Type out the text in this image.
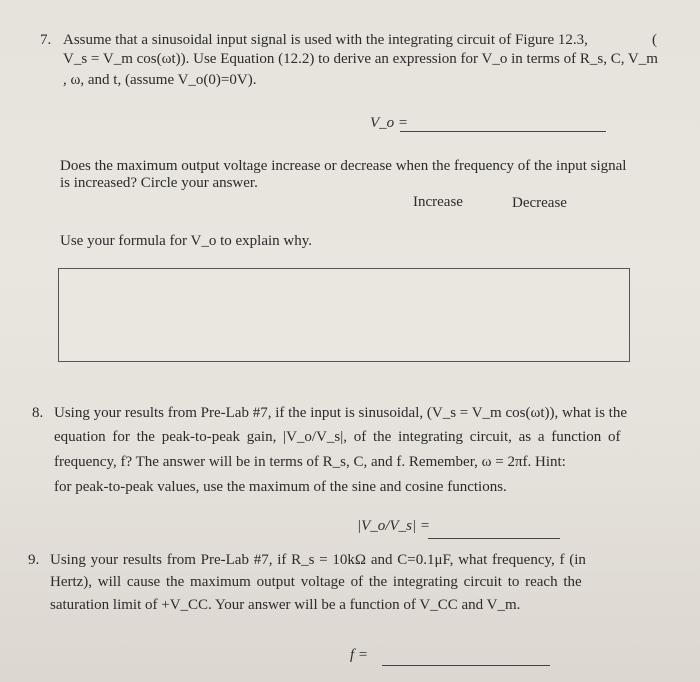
7. Assume that a sinusoidal input signal is used with the integrating circuit of Figure 12.3,	(
V_s = V_m cos(ωt)). Use Equation (12.2) to derive an expression for V_o in terms of R_s, C, V_m
, ω, and t, (assume V_o(0)=0V).
V_o =
Does the maximum output voltage increase or decrease when the frequency of the input signal
is increased? Circle your answer.
Increase	Decrease
Use your formula for V_o to explain why.
8. Using your results from Pre-Lab #7, if the input is sinusoidal, (V_s = V_m cos(ωt)), what is the
equation for the peak-to-peak gain, |V_o/V_s|, of the integrating circuit, as a function of
frequency, f? The answer will be in terms of R_s, C, and f. Remember, ω = 2πf. Hint:
for peak-to-peak values, use the maximum of the sine and cosine functions.
|V_o/V_s| =
9. Using your results from Pre-Lab #7, if R_s = 10kΩ and C=0.1μF, what frequency, f (in
Hertz), will cause the maximum output voltage of the integrating circuit to reach the
saturation limit of +V_CC. Your answer will be a function of V_CC and V_m.
f =
